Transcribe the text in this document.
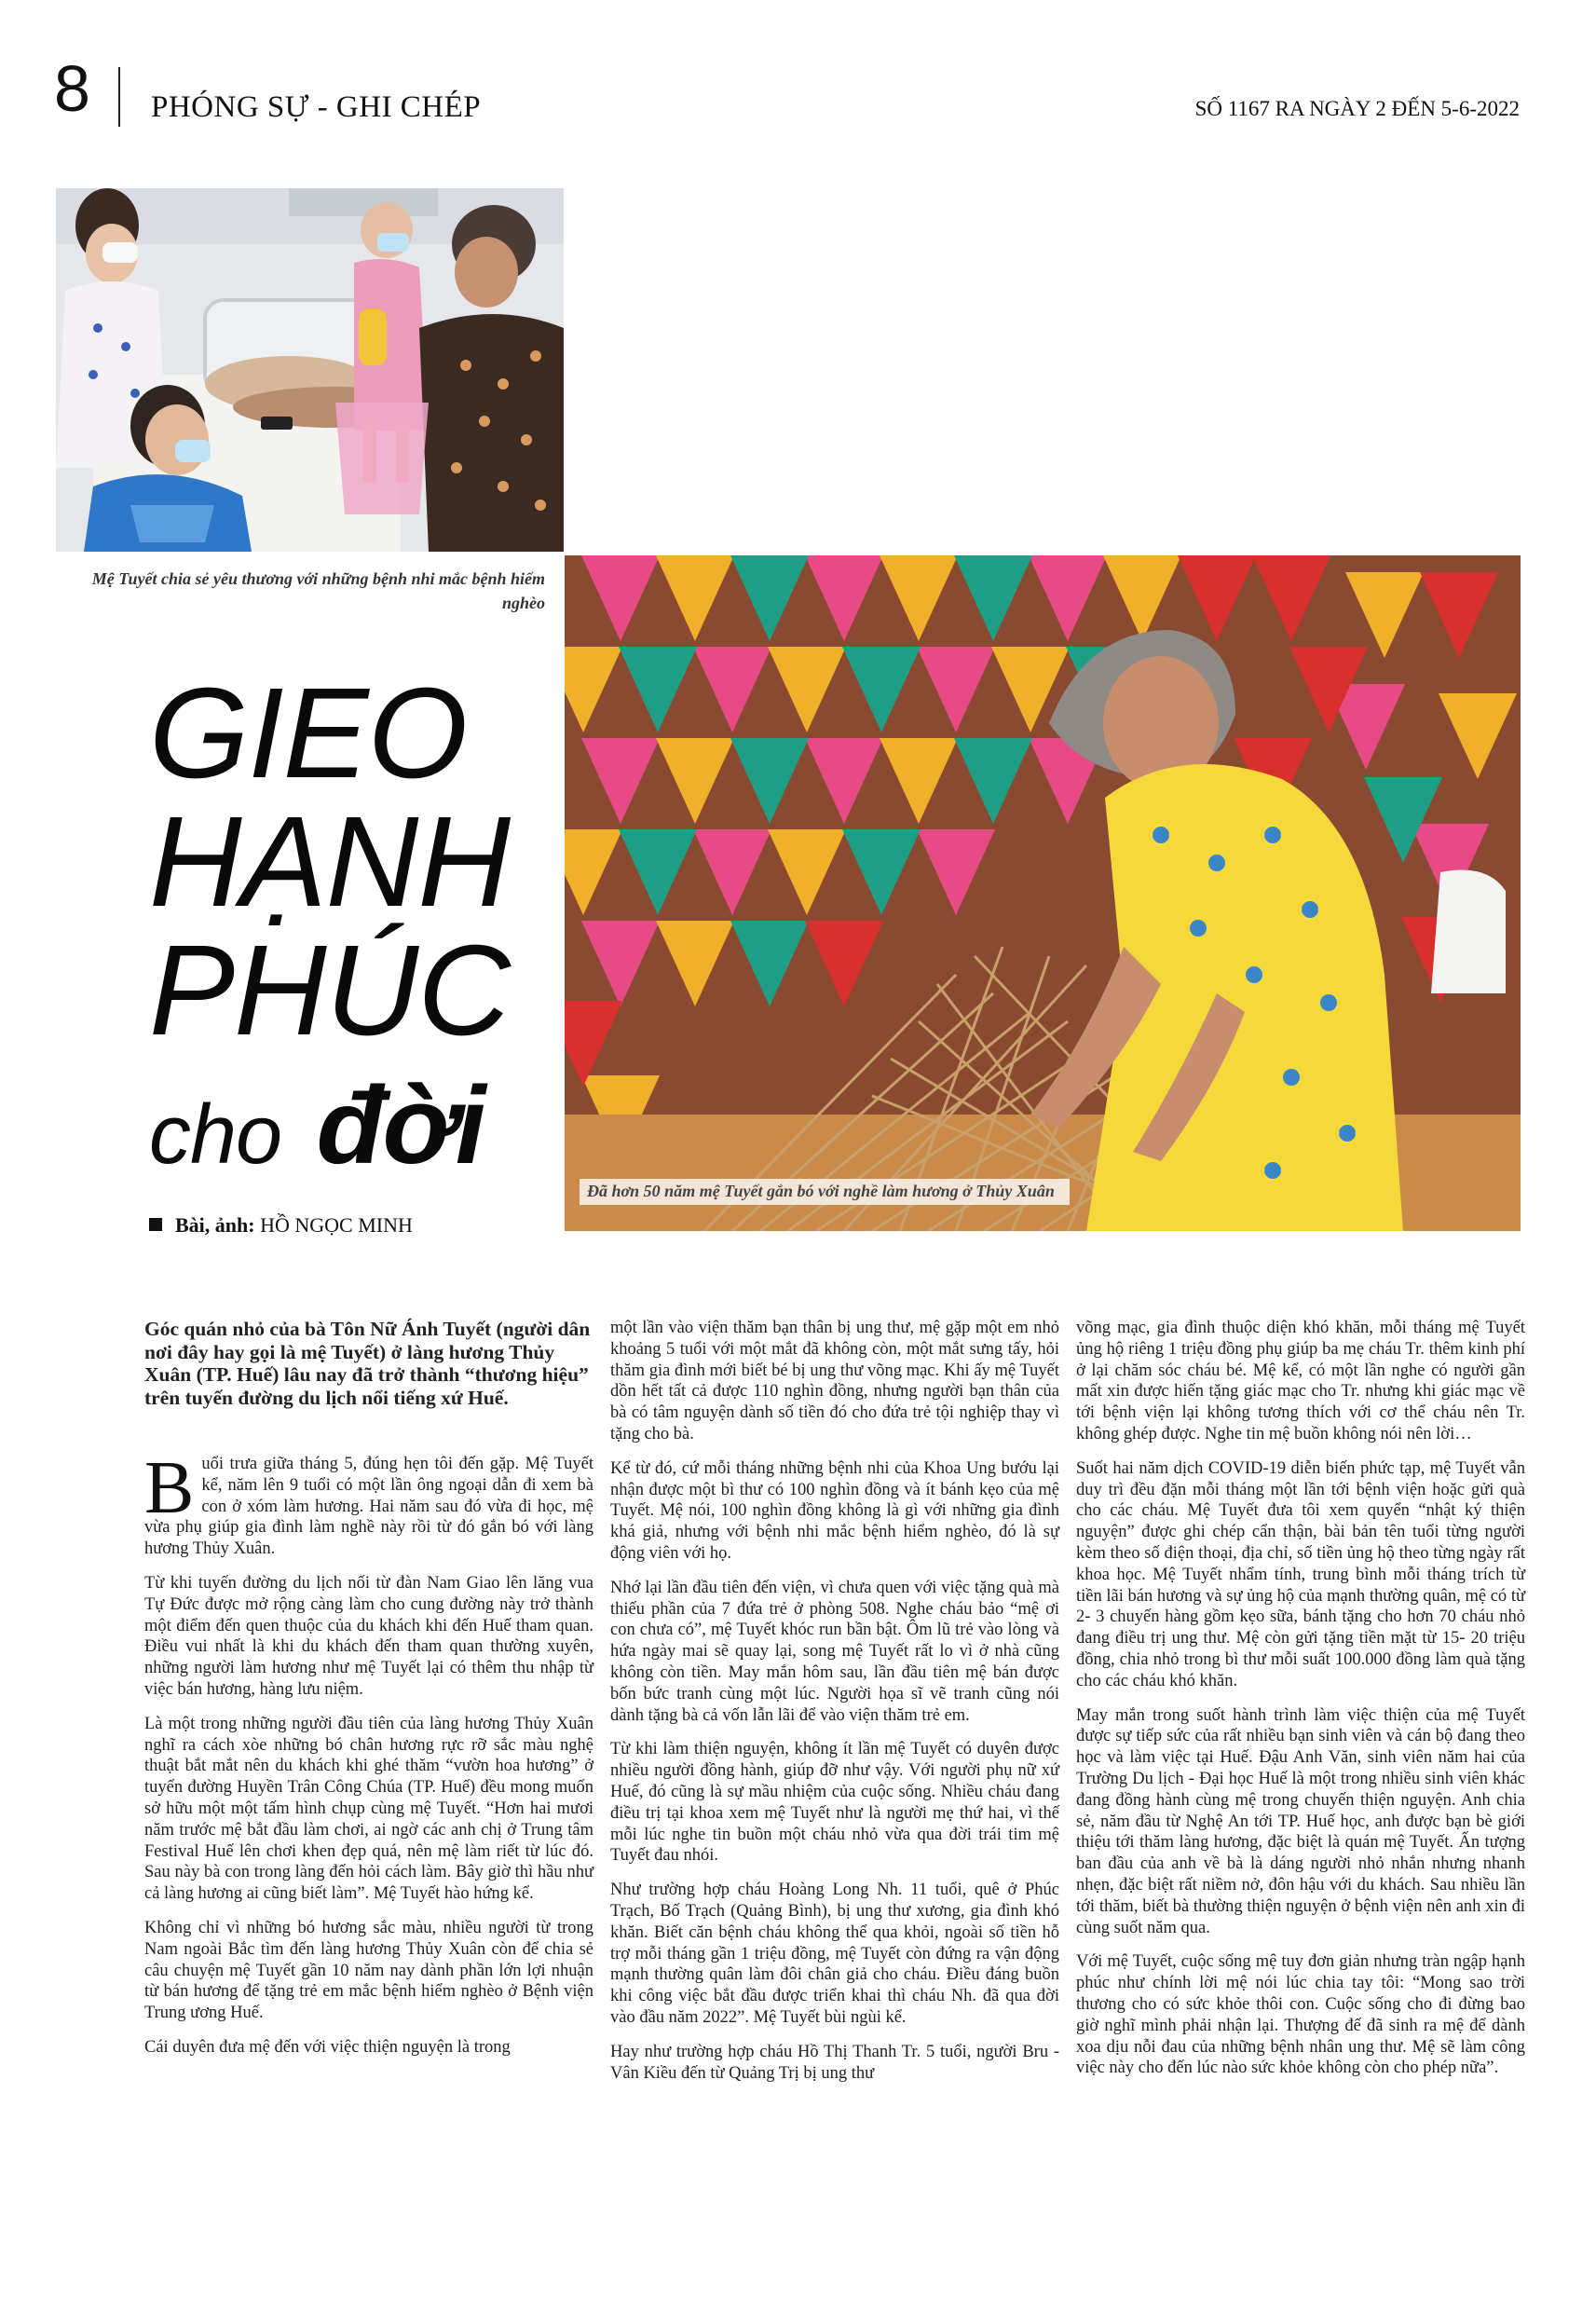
8 PHÓNG SỰ - GHI CHÉP	SỐ 1167 RA NGÀY 2 ĐẾN 5-6-2022
Mệ Tuyết chia sẻ yêu thương với những bệnh nhi mắc bệnh hiểm nghèo
Đã hơn 50 năm mệ Tuyết gắn bó với nghề làm hương ở Thủy Xuân
GIEO
HẠNH
PHÚC
cho đời
Bài, ảnh: HỒ NGỌC MINH

Góc quán nhỏ của bà Tôn Nữ Ánh Tuyết (người dân nơi đây hay gọi là mệ Tuyết) ở làng hương Thủy Xuân (TP. Huế) lâu nay đã trở thành “thương hiệu” trên tuyến đường du lịch nổi tiếng xứ Huế.

Buổi trưa giữa tháng 5, đúng hẹn tôi đến gặp. Mệ Tuyết kể, năm lên 9 tuổi có một lần ông ngoại dẫn đi xem bà con ở xóm làm hương. Hai năm sau đó vừa đi học, mệ vừa phụ giúp gia đình làm nghề này rồi từ đó gắn bó với làng hương Thủy Xuân.

Từ khi tuyến đường du lịch nối từ đàn Nam Giao lên lăng vua Tự Đức được mở rộng càng làm cho cung đường này trở thành một điểm đến quen thuộc của du khách khi đến Huế tham quan. Điều vui nhất là khi du khách đến tham quan thường xuyên, những người làm hương như mệ Tuyết lại có thêm thu nhập từ việc bán hương, hàng lưu niệm.

Là một trong những người đầu tiên của làng hương Thủy Xuân nghĩ ra cách xòe những bó chân hương rực rỡ sắc màu nghệ thuật bắt mắt nên du khách khi ghé thăm “vườn hoa hương” ở tuyến đường Huyền Trân Công Chúa (TP. Huế) đều mong muốn sở hữu một một tấm hình chụp cùng mệ Tuyết. “Hơn hai mươi năm trước mệ bắt đầu làm chơi, ai ngờ các anh chị ở Trung tâm Festival Huế lên chơi khen đẹp quá, nên mệ làm riết từ lúc đó. Sau này bà con trong làng đến hỏi cách làm. Bây giờ thì hầu như cả làng hương ai cũng biết làm”. Mệ Tuyết hào hứng kể.

Không chỉ vì những bó hương sắc màu, nhiều người từ trong Nam ngoài Bắc tìm đến làng hương Thủy Xuân còn để chia sẻ câu chuyện mệ Tuyết gần 10 năm nay dành phần lớn lợi nhuận từ bán hương để tặng trẻ em mắc bệnh hiểm nghèo ở Bệnh viện Trung ương Huế.

Cái duyên đưa mệ đến với việc thiện nguyện là trong

một lần vào viện thăm bạn thân bị ung thư, mệ gặp một em nhỏ khoảng 5 tuổi với một mắt đã không còn, một mắt sưng tấy, hỏi thăm gia đình mới biết bé bị ung thư võng mạc. Khi ấy mệ Tuyết dồn hết tất cả được 110 nghìn đồng, nhưng người bạn thân của bà có tâm nguyện dành số tiền đó cho đứa trẻ tội nghiệp thay vì tặng cho bà.

Kể từ đó, cứ mỗi tháng những bệnh nhi của Khoa Ung bướu lại nhận được một bì thư có 100 nghìn đồng và ít bánh kẹo của mệ Tuyết. Mệ nói, 100 nghìn đồng không là gì với những gia đình khá giả, nhưng với bệnh nhi mắc bệnh hiểm nghèo, đó là sự động viên với họ.

Nhớ lại lần đầu tiên đến viện, vì chưa quen với việc tặng quà mà thiếu phần của 7 đứa trẻ ở phòng 508. Nghe cháu bảo “mệ ơi con chưa có”, mệ Tuyết khóc run bần bật. Ôm lũ trẻ vào lòng và hứa ngày mai sẽ quay lại, song mệ Tuyết rất lo vì ở nhà cũng không còn tiền. May mắn hôm sau, lần đầu tiên mệ bán được bốn bức tranh cùng một lúc. Người họa sĩ vẽ tranh cũng nói dành tặng bà cả vốn lẫn lãi để vào viện thăm trẻ em.

Từ khi làm thiện nguyện, không ít lần mệ Tuyết có duyên được nhiều người đồng hành, giúp đỡ như vậy. Với người phụ nữ xứ Huế, đó cũng là sự mầu nhiệm của cuộc sống. Nhiều cháu đang điều trị tại khoa xem mệ Tuyết như là người mẹ thứ hai, vì thế mỗi lúc nghe tin buồn một cháu nhỏ vừa qua đời trái tim mệ Tuyết đau nhói.

Như trường hợp cháu Hoàng Long Nh. 11 tuổi, quê ở Phúc Trạch, Bố Trạch (Quảng Bình), bị ung thư xương, gia đình khó khăn. Biết căn bệnh cháu không thể qua khỏi, ngoài số tiền hỗ trợ mỗi tháng gần 1 triệu đồng, mệ Tuyết còn đứng ra vận động mạnh thường quân làm đôi chân giả cho cháu. Điều đáng buồn khi công việc bắt đầu được triển khai thì cháu Nh. đã qua đời vào đầu năm 2022”. Mệ Tuyết bùi ngùi kể.

Hay như trường hợp cháu Hồ Thị Thanh Tr. 5 tuổi, người Bru -Vân Kiều đến từ Quảng Trị bị ung thư

võng mạc, gia đình thuộc diện khó khăn, mỗi tháng mệ Tuyết ủng hộ riêng 1 triệu đồng phụ giúp ba mẹ cháu Tr. thêm kinh phí ở lại chăm sóc cháu bé. Mệ kể, có một lần nghe có người gần mất xin được hiến tặng giác mạc cho Tr. nhưng khi giác mạc về tới bệnh viện lại không tương thích với cơ thể cháu nên Tr. không ghép được. Nghe tin mệ buồn không nói nên lời…

Suốt hai năm dịch COVID-19 diễn biến phức tạp, mệ Tuyết vẫn duy trì đều đặn mỗi tháng một lần tới bệnh viện hoặc gửi quà cho các cháu. Mệ Tuyết đưa tôi xem quyển “nhật ký thiện nguyện” được ghi chép cẩn thận, bài bản tên tuổi từng người kèm theo số điện thoại, địa chỉ, số tiền ủng hộ theo từng ngày rất khoa học. Mệ Tuyết nhẩm tính, trung bình mỗi tháng trích từ tiền lãi bán hương và sự ủng hộ của mạnh thường quân, mệ có từ 2- 3 chuyến hàng gồm kẹo sữa, bánh tặng cho hơn 70 cháu nhỏ đang điều trị ung thư. Mệ còn gửi tặng tiền mặt từ 15- 20 triệu đồng, chia nhỏ trong bì thư mỗi suất 100.000 đồng làm quà tặng cho các cháu khó khăn.

May mắn trong suốt hành trình làm việc thiện của mệ Tuyết được sự tiếp sức của rất nhiều bạn sinh viên và cán bộ đang theo học và làm việc tại Huế. Đậu Anh Văn, sinh viên năm hai của Trường Du lịch - Đại học Huế là một trong nhiều sinh viên khác đang đồng hành cùng mệ trong chuyến thiện nguyện. Anh chia sẻ, năm đầu từ Nghệ An tới TP. Huế học, anh được bạn bè giới thiệu tới thăm làng hương, đặc biệt là quán mệ Tuyết. Ấn tượng ban đầu của anh về bà là dáng người nhỏ nhắn nhưng nhanh nhẹn, đặc biệt rất niềm nở, đôn hậu với du khách. Sau nhiều lần tới thăm, biết bà thường thiện nguyện ở bệnh viện nên anh xin đi cùng suốt năm qua.

Với mệ Tuyết, cuộc sống mệ tuy đơn giản nhưng tràn ngập hạnh phúc như chính lời mệ nói lúc chia tay tôi: “Mong sao trời thương cho có sức khỏe thôi con. Cuộc sống cho đi đừng bao giờ nghĩ mình phải nhận lại. Thượng đế đã sinh ra mệ để dành xoa dịu nỗi đau của những bệnh nhân ung thư. Mệ sẽ làm công việc này cho đến lúc nào sức khỏe không còn cho phép nữa”.
